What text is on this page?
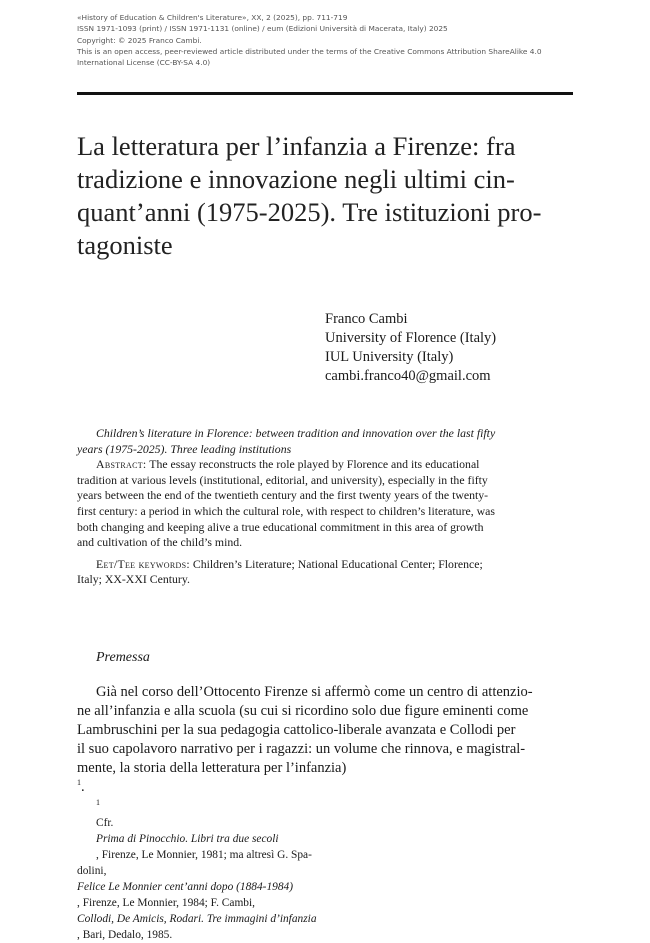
«History of Education & Children's Literature», XX, 2 (2025), pp. 711-719
ISSN 1971-1093 (print) / ISSN 1971-1131 (online) / eum (Edizioni Università di Macerata, Italy) 2025
Copyright: © 2025 Franco Cambi.
This is an open access, peer-reviewed article distributed under the terms of the Creative Commons Attribution ShareAlike 4.0
International License (CC-BY-SA 4.0)
La letteratura per l’infanzia a Firenze: fra
tradizione e innovazione negli ultimi cin-
quant’anni (1975-2025). Tre istituzioni pro-
tagoniste
Franco Cambi
University of Florence (Italy)
IUL University (Italy)
cambi.franco40@gmail.com

Children’s literature in Florence: between tradition and innovation over the last fifty
years (1975-2025). Three leading institutions

Abstract: The essay reconstructs the role played by Florence and its educational
tradition at various levels (institutional, editorial, and university), especially in the fifty
years between the end of the twentieth century and the first twenty years of the twenty-
first century: a period in which the cultural role, with respect to children’s literature, was
both changing and keeping alive a true educational commitment in this area of growth
and cultivation of the child’s mind.

Eet/Tee keywords: Children’s Literature; National Educational Center; Florence;
Italy; XX-XXI Century.

Premessa
Già nel corso dell’Ottocento Firenze si affermò come un centro di attenzio-
ne all’infanzia e alla scuola (su cui si ricordino solo due figure eminenti come
Lambruschini per la sua pedagogia cattolico-liberale avanzata e Collodi per
il suo capolavoro narrativo per i ragazzi: un volume che rinnova, e magistral-
mente, la storia della letteratura per l’infanzia)
$^1$.
$^1$
Cfr.
Prima di Pinocchio. Libri tra due secoli
, Firenze, Le Monnier, 1981; ma altresì G. Spa-
dolini,
Felice Le Monnier cent’anni dopo (1884-1984)
, Firenze, Le Monnier, 1984; F. Cambi,
Collodi, De Amicis, Rodari. Tre immagini d’infanzia
, Bari, Dedalo, 1985.
